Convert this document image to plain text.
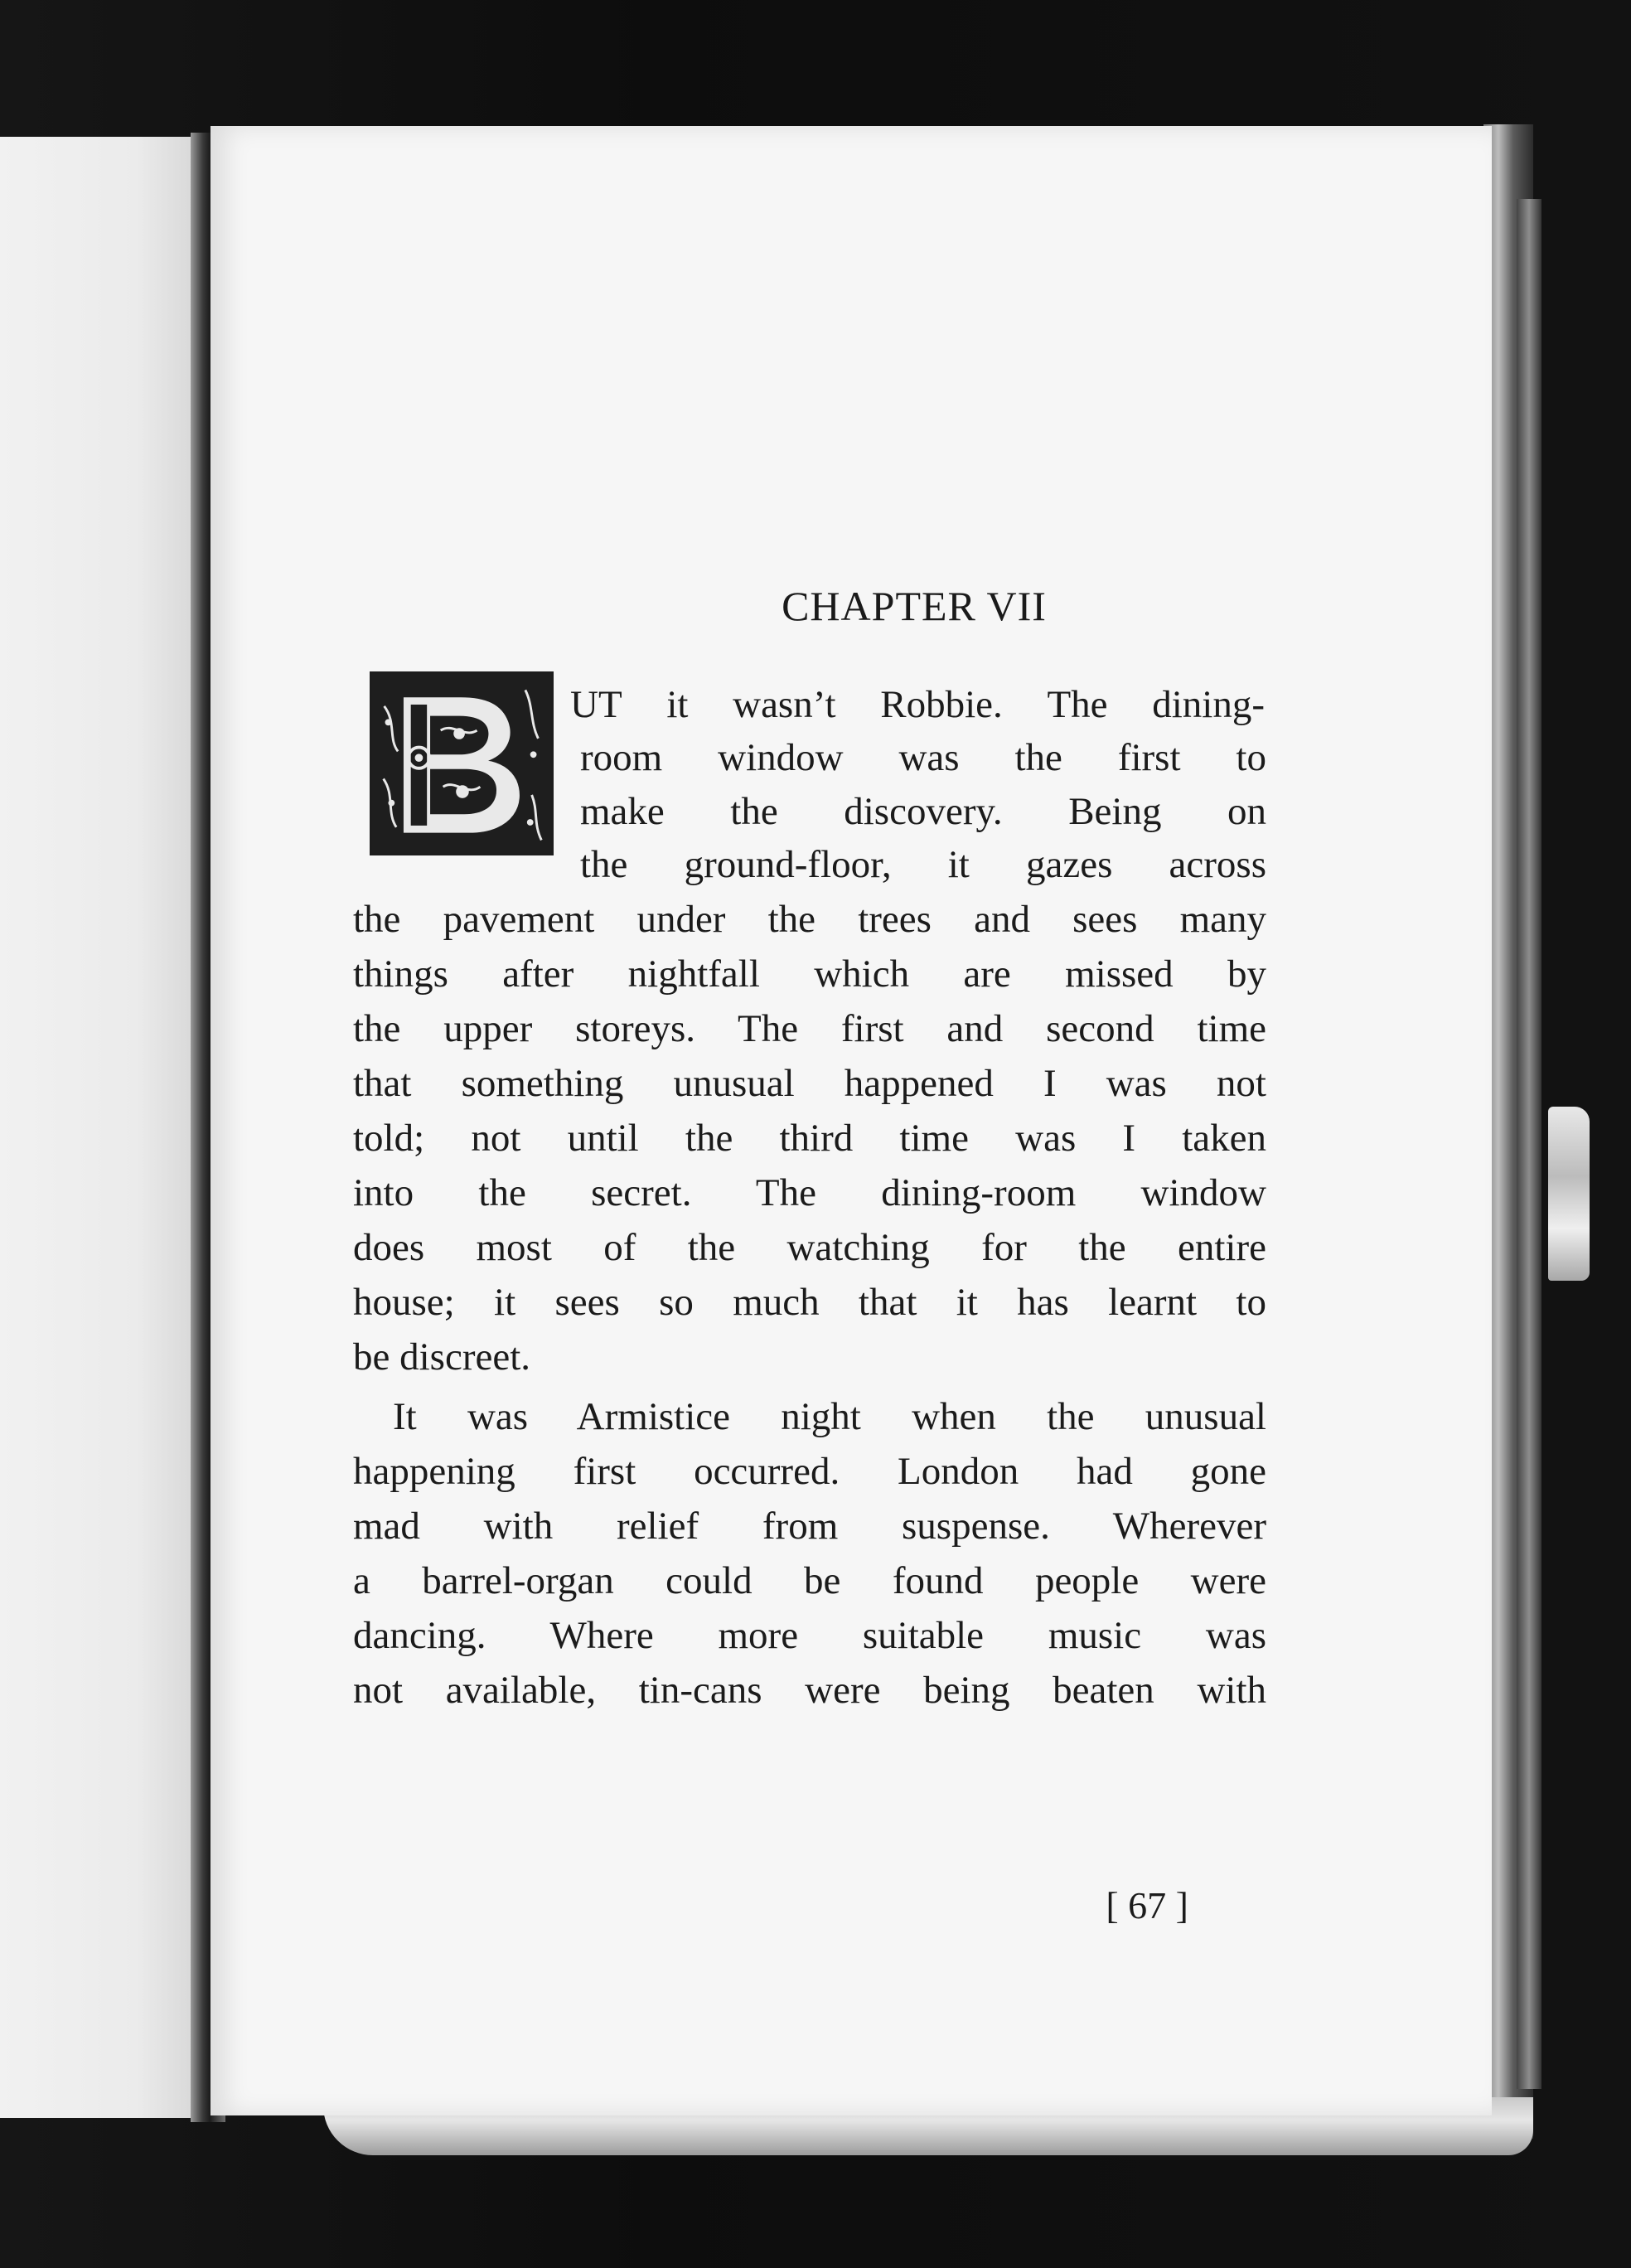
CHAPTER VII
UT it wasn’t Robbie. The dining-
room window was the first to
make the discovery. Being on
the ground-floor, it gazes across
the pavement under the trees and sees many
things after nightfall which are missed by
the upper storeys. The first and second time
that something unusual happened I was not
told; not until the third time was I taken
into the secret. The dining-room window
does most of the watching for the entire
house; it sees so much that it has learnt to
be discreet.
It was Armistice night when the unusual
happening first occurred. London had gone
mad with relief from suspense. Wherever
a barrel-organ could be found people were
dancing. Where more suitable music was
not available, tin-cans were being beaten with
[ 67 ]
